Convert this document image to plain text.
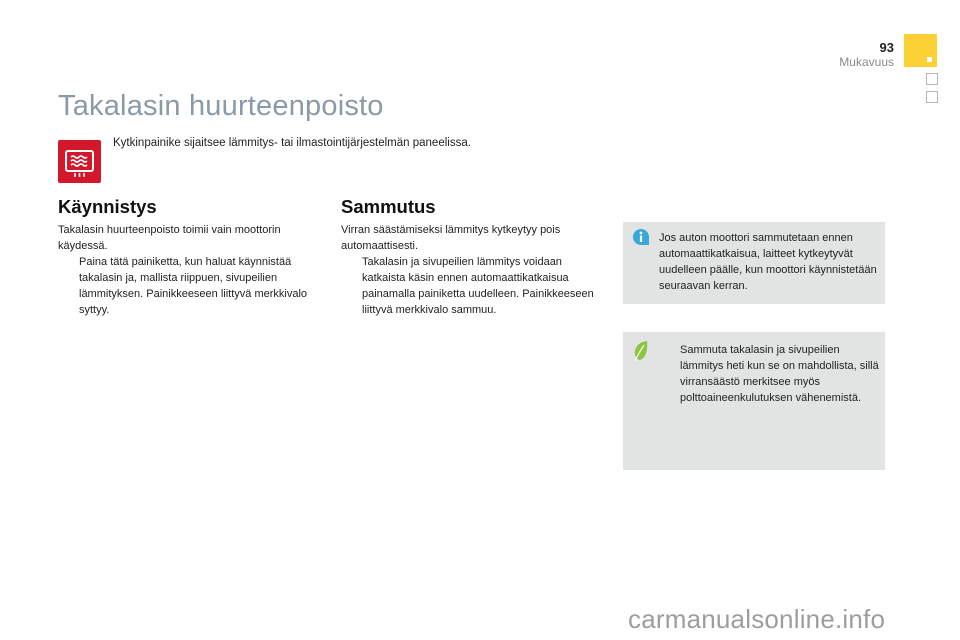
93
Mukavuus
Takalasin huurteenpoisto
Kytkinpainike sijaitsee lämmitys- tai ilmastointijärjestelmän paneelissa.
Käynnistys

Takalasin huurteenpoisto toimii vain moottorin käydessä.

Paina tätä painiketta, kun haluat käynnistää takalasin ja, mallista riippuen, sivupeilien lämmityksen. Painikkeeseen liittyvä merkkivalo syttyy.

Sammutus

Virran säästämiseksi lämmitys kytkeytyy pois automaattisesti.

Takalasin ja sivupeilien lämmitys voidaan katkaista käsin ennen automaattikatkaisua painamalla painiketta uudelleen. Painikkeeseen liittyvä merkkivalo sammuu.

Jos auton moottori sammutetaan ennen automaattikatkaisua, laitteet kytkeytyvät uudelleen päälle, kun moottori käynnistetään seuraavan kerran.
Sammuta takalasin ja sivupeilien lämmitys heti kun se on mahdollista, sillä virransäästö merkitsee myös polttoaineenkulutuksen vähenemistä.
carmanualsonline.info
